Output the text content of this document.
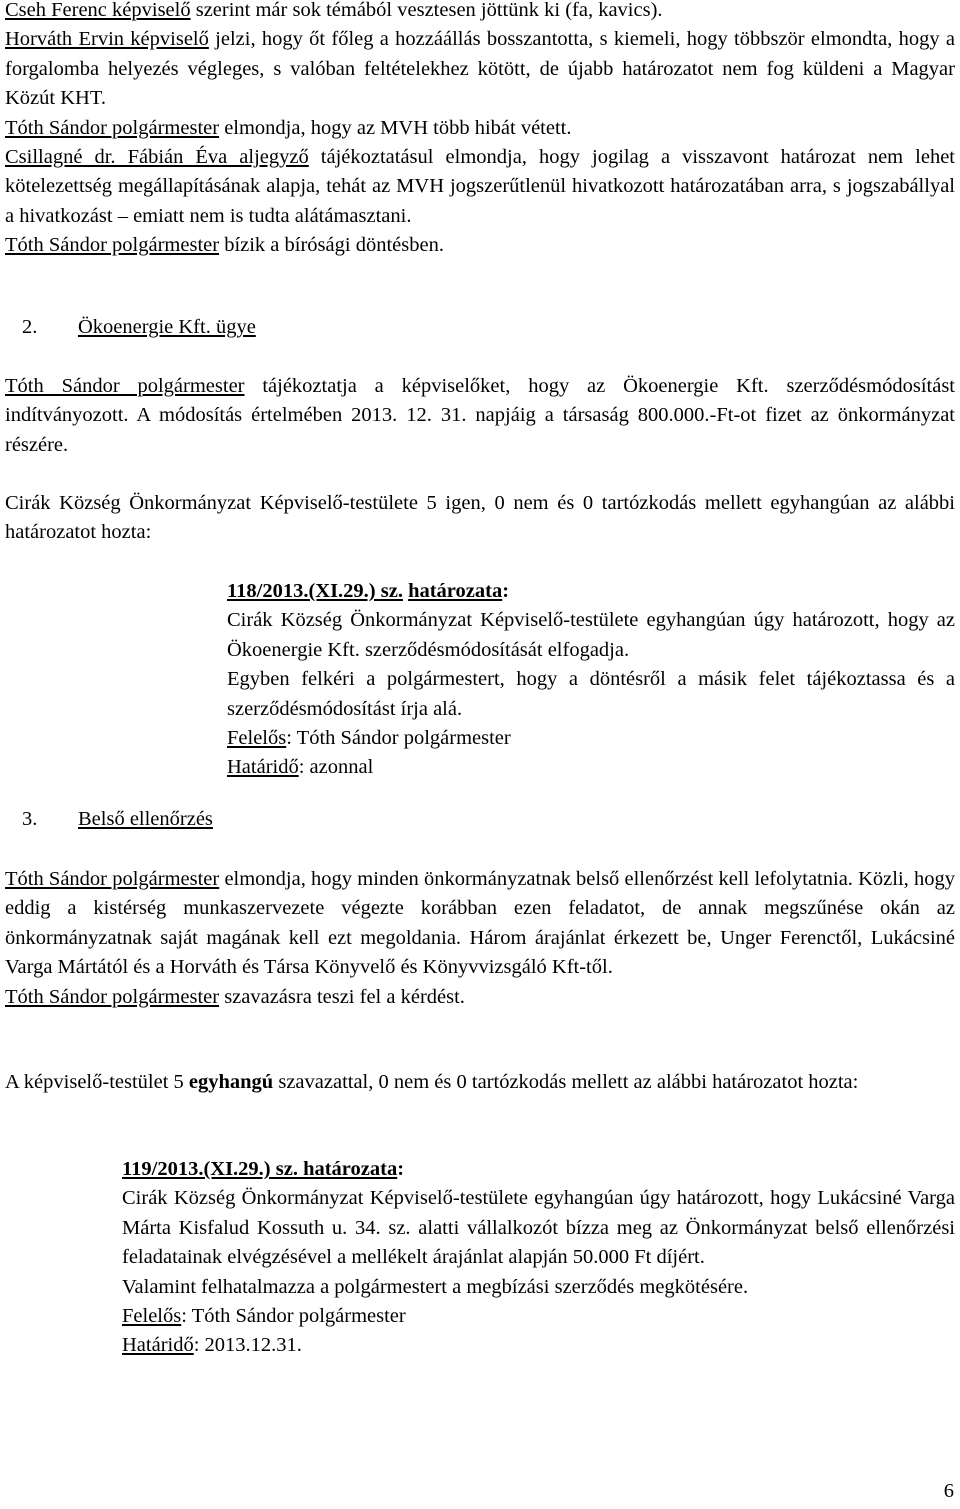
Cseh Ferenc képviselő szerint már sok témából vesztesen jöttünk ki (fa, kavics).

Horváth Ervin képviselő jelzi, hogy őt főleg a hozzáállás bosszantotta, s kiemeli, hogy többször elmondta, hogy a forgalomba helyezés végleges, s valóban feltételekhez kötött, de újabb határozatot nem fog küldeni a Magyar Közút KHT.

Tóth Sándor polgármester elmondja, hogy az MVH több hibát vétett.

Csillagné dr. Fábián Éva aljegyző tájékoztatásul elmondja, hogy jogilag a visszavont határozat nem lehet kötelezettség megállapításának alapja, tehát az MVH jogszerűtlenül hivatkozott határozatában arra, s jogszabállyal a hivatkozást – emiatt nem is tudta alátámasztani.

Tóth Sándor polgármester bízik a bírósági döntésben.

2. Ökoenergie Kft. ügye

Tóth Sándor polgármester tájékoztatja a képviselőket, hogy az Ökoenergie Kft. szerződésmódosítást indítványozott. A módosítás értelmében 2013. 12. 31. napjáig a társaság 800.000.-Ft-ot fizet az önkormányzat részére.

Cirák Község Önkormányzat Képviselő-testülete 5 igen, 0 nem és 0 tartózkodás mellett egyhangúan az alábbi határozatot hozta:

118/2013.(XI.29.) sz. határozata:

Cirák Község Önkormányzat Képviselő-testülete egyhangúan úgy határozott, hogy az Ökoenergie Kft. szerződésmódosítását elfogadja.

Egyben felkéri a polgármestert, hogy a döntésről a másik felet tájékoztassa és a szerződésmódosítást írja alá.

Felelős: Tóth Sándor polgármester

Határidő: azonnal

3. Belső ellenőrzés

Tóth Sándor polgármester elmondja, hogy minden önkormányzatnak belső ellenőrzést kell lefolytatnia. Közli, hogy eddig a kistérség munkaszervezete végezte korábban ezen feladatot, de annak megszűnése okán az önkormányzatnak saját magának kell ezt megoldania. Három árajánlat érkezett be, Unger Ferenctől, Lukácsiné Varga Mártától és a Horváth és Társa Könyvelő és Könyvvizsgáló Kft-től.

Tóth Sándor polgármester szavazásra teszi fel a kérdést.

A képviselő-testület 5 egyhangú szavazattal, 0 nem és 0 tartózkodás mellett az alábbi határozatot hozta:

119/2013.(XI.29.) sz. határozata:

Cirák Község Önkormányzat Képviselő-testülete egyhangúan úgy határozott, hogy Lukácsiné Varga Márta Kisfalud Kossuth u. 34. sz. alatti vállalkozót bízza meg az Önkormányzat belső ellenőrzési feladatainak elvégzésével a mellékelt árajánlat alapján 50.000 Ft díjért.

Valamint felhatalmazza a polgármestert a megbízási szerződés megkötésére.

Felelős: Tóth Sándor polgármester

Határidő: 2013.12.31.

6
